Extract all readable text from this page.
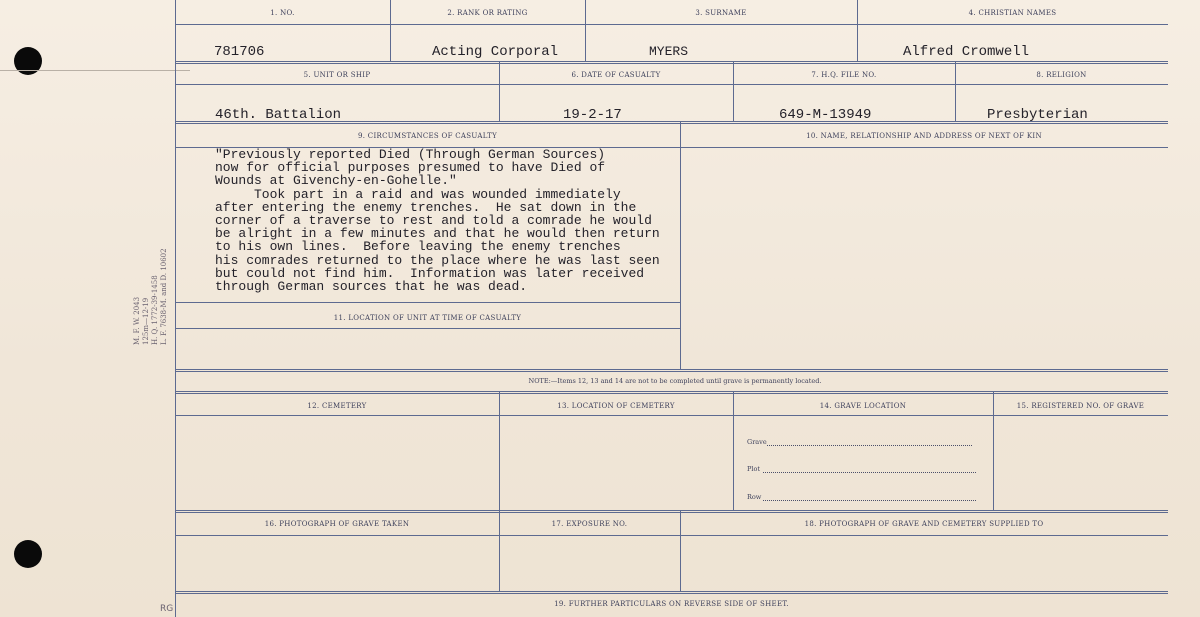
M. F. W. 2043 125m—12-19 H. Q. 1772-39-1458 L. F. 7638-M. and D. 10602
RG
1. NO.	2. RANK OR RATING	3. SURNAME	4. CHRISTIAN NAMES
781706	Acting Corporal	MYERS	Alfred Cromwell
5. UNIT OR SHIP	6. DATE OF CASUALTY	7. H.Q. FILE NO.	8. RELIGION
46th. Battalion	19-2-17	649-M-13949	Presbyterian
9. CIRCUMSTANCES OF CASUALTY	10. NAME, RELATIONSHIP AND ADDRESS OF NEXT OF KIN
"Previously reported Died (Through German Sources)
now for official purposes presumed to have Died of
Wounds at Givenchy-en-Gohelle."
Took part in a raid and was wounded immediately
after entering the enemy trenches.  He sat down in the
corner of a traverse to rest and told a comrade he would
be alright in a few minutes and that he would then return
to his own lines.  Before leaving the enemy trenches
his comrades returned to the place where he was last seen
but could not find him.  Information was later received
through German sources that he was dead.
11. LOCATION OF UNIT AT TIME OF CASUALTY
NOTE:—Items 12, 13 and 14 are not to be completed until grave is permanently located.
12. CEMETERY	13. LOCATION OF CEMETERY	14. GRAVE LOCATION	15. REGISTERED NO. OF GRAVE
Grave
Plot
Row
16. PHOTOGRAPH OF GRAVE TAKEN	17. EXPOSURE NO.	18. PHOTOGRAPH OF GRAVE AND CEMETERY SUPPLIED TO
19. FURTHER PARTICULARS ON REVERSE SIDE OF SHEET.
